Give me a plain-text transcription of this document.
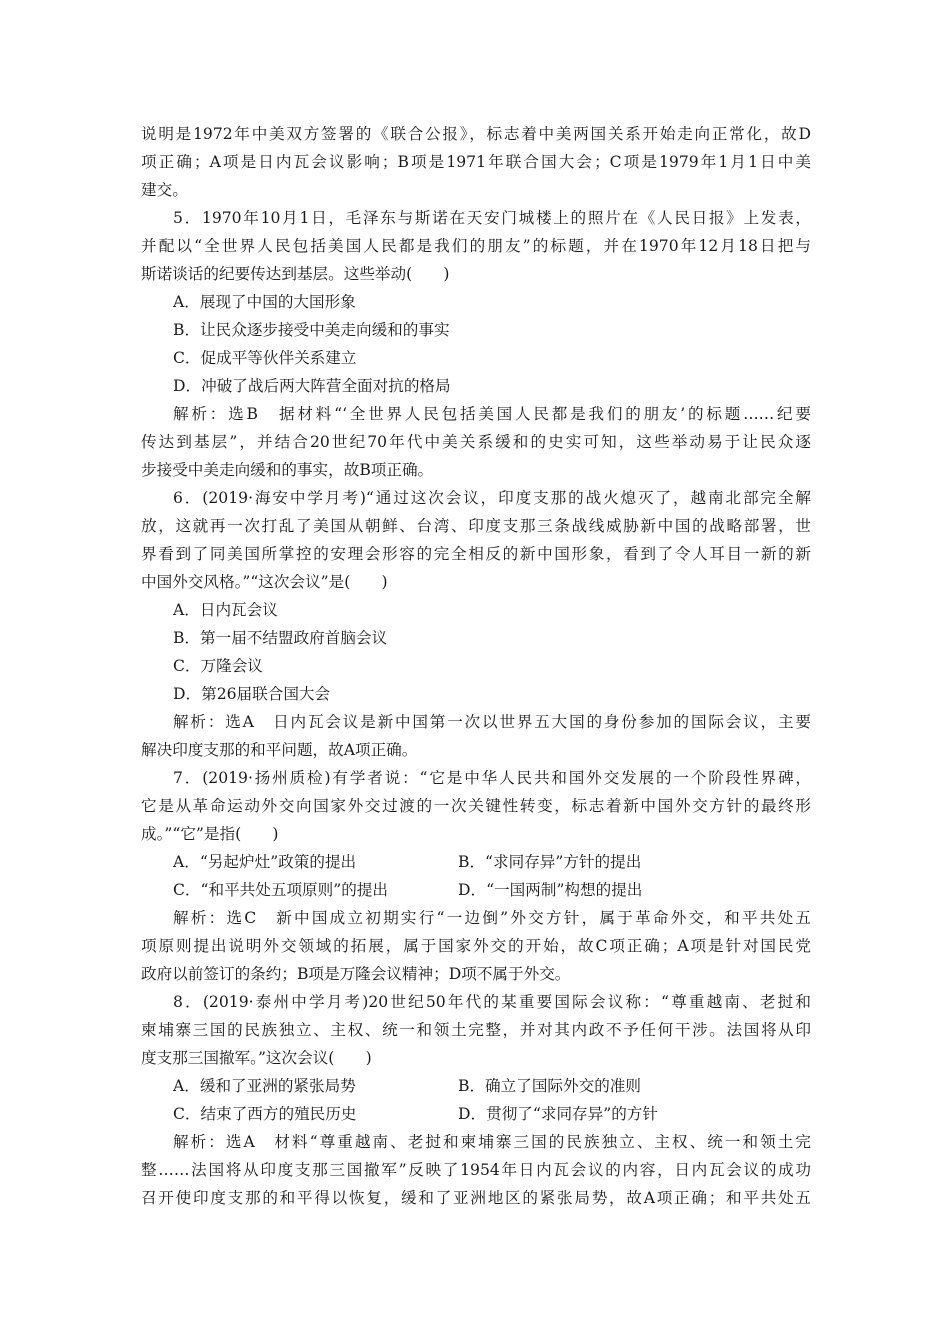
说明是1972年中美双方签署的《联合公报》，标志着中美两国关系开始走向正常化，故D
项正确；A项是日内瓦会议影响；B项是1971年联合国大会；C项是1979年1月1日中美
建交。
5．1970年10月1日，毛泽东与斯诺在天安门城楼上的照片在《人民日报》上发表，
并配以“全世界人民包括美国人民都是我们的朋友”的标题，并在1970年12月18日把与
斯诺谈话的纪要传达到基层。这些举动(　　)
A．展现了中国的大国形象
B．让民众逐步接受中美走向缓和的事实
C．促成平等伙伴关系建立
D．冲破了战后两大阵营全面对抗的格局
解析：选B　据材料“‘全世界人民包括美国人民都是我们的朋友’的标题……纪要
传达到基层”，并结合20世纪70年代中美关系缓和的史实可知，这些举动易于让民众逐
步接受中美走向缓和的事实，故B项正确。
6．(2019·海安中学月考)“通过这次会议，印度支那的战火熄灭了，越南北部完全解
放，这就再一次打乱了美国从朝鲜、台湾、印度支那三条战线威胁新中国的战略部署，世
界看到了同美国所掌控的安理会形容的完全相反的新中国形象，看到了令人耳目一新的新
中国外交风格。”“这次会议”是(　　)
A．日内瓦会议
B．第一届不结盟政府首脑会议
C．万隆会议
D．第26届联合国大会
解析：选A　日内瓦会议是新中国第一次以世界五大国的身份参加的国际会议，主要
解决印度支那的和平问题，故A项正确。
7．(2019·扬州质检)有学者说：“它是中华人民共和国外交发展的一个阶段性界碑，
它是从革命运动外交向国家外交过渡的一次关键性转变，标志着新中国外交方针的最终形
成。”“它”是指(　　)
A．“另起炉灶”政策的提出	B．“求同存异”方针的提出
C．“和平共处五项原则”的提出	D．“一国两制”构想的提出
解析：选C　新中国成立初期实行“一边倒”外交方针，属于革命外交，和平共处五
项原则提出说明外交领域的拓展，属于国家外交的开始，故C项正确；A项是针对国民党
政府以前签订的条约；B项是万隆会议精神；D项不属于外交。
8．(2019·泰州中学月考)20世纪50年代的某重要国际会议称：“尊重越南、老挝和
柬埔寨三国的民族独立、主权、统一和领土完整，并对其内政不予任何干涉。法国将从印
度支那三国撤军。”这次会议(　　)
A．缓和了亚洲的紧张局势	B．确立了国际外交的准则
C．结束了西方的殖民历史	D．贯彻了“求同存异”的方针
解析：选A　材料“尊重越南、老挝和柬埔寨三国的民族独立、主权、统一和领土完
整……法国将从印度支那三国撤军”反映了1954年日内瓦会议的内容，日内瓦会议的成功
召开使印度支那的和平得以恢复，缓和了亚洲地区的紧张局势，故A项正确；和平共处五
